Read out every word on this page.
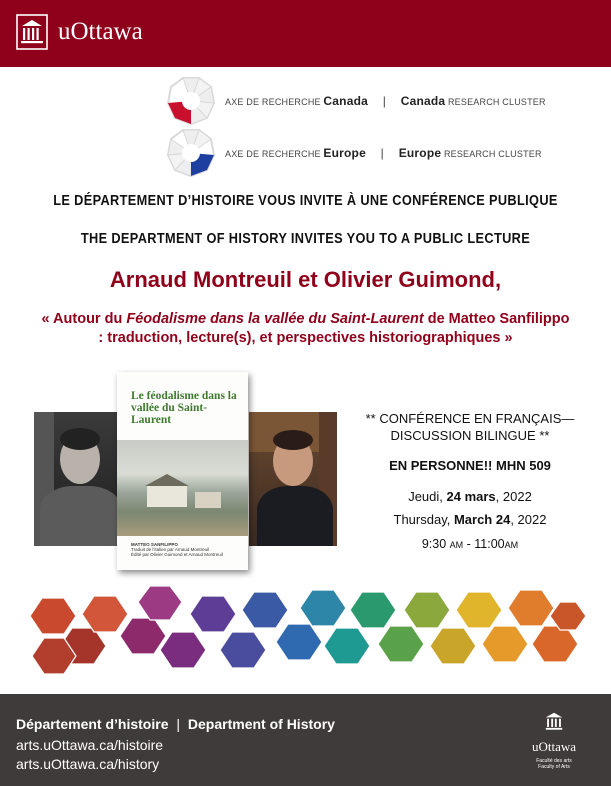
uOttawa
AXE DE RECHERCHE Canada | Canada RESEARCH CLUSTER
AXE DE RECHERCHE Europe | Europe RESEARCH CLUSTER
LE DÉPARTEMENT D’HISTOIRE VOUS INVITE À UNE CONFÉRENCE PUBLIQUE
THE DEPARTMENT OF HISTORY INVITES YOU TO A PUBLIC LECTURE
Arnaud Montreuil et Olivier Guimond,
« Autour du Féodalisme dans la vallée du Saint-Laurent de Matteo Sanfilippo : traduction, lecture(s), et perspectives historiographiques »
Le féodalisme dans la vallée du Saint-Laurent
MATTEO SANFILIPPO
Traduit de l’italien par Arnaud Montreuil
Édité par Olivier Guimond et Arnaud Montreuil
** CONFÉRENCE EN FRANÇAIS—
DISCUSSION BILINGUE **
EN PERSONNE!! MHN 509
Jeudi, 24 mars, 2022
Thursday, March 24, 2022
9:30 AM - 11:00AM
Département d’histoire | Department of History
arts.uOttawa.ca/histoire
arts.uOttawa.ca/history
uOttawa
Faculté des arts
Faculty of Arts
